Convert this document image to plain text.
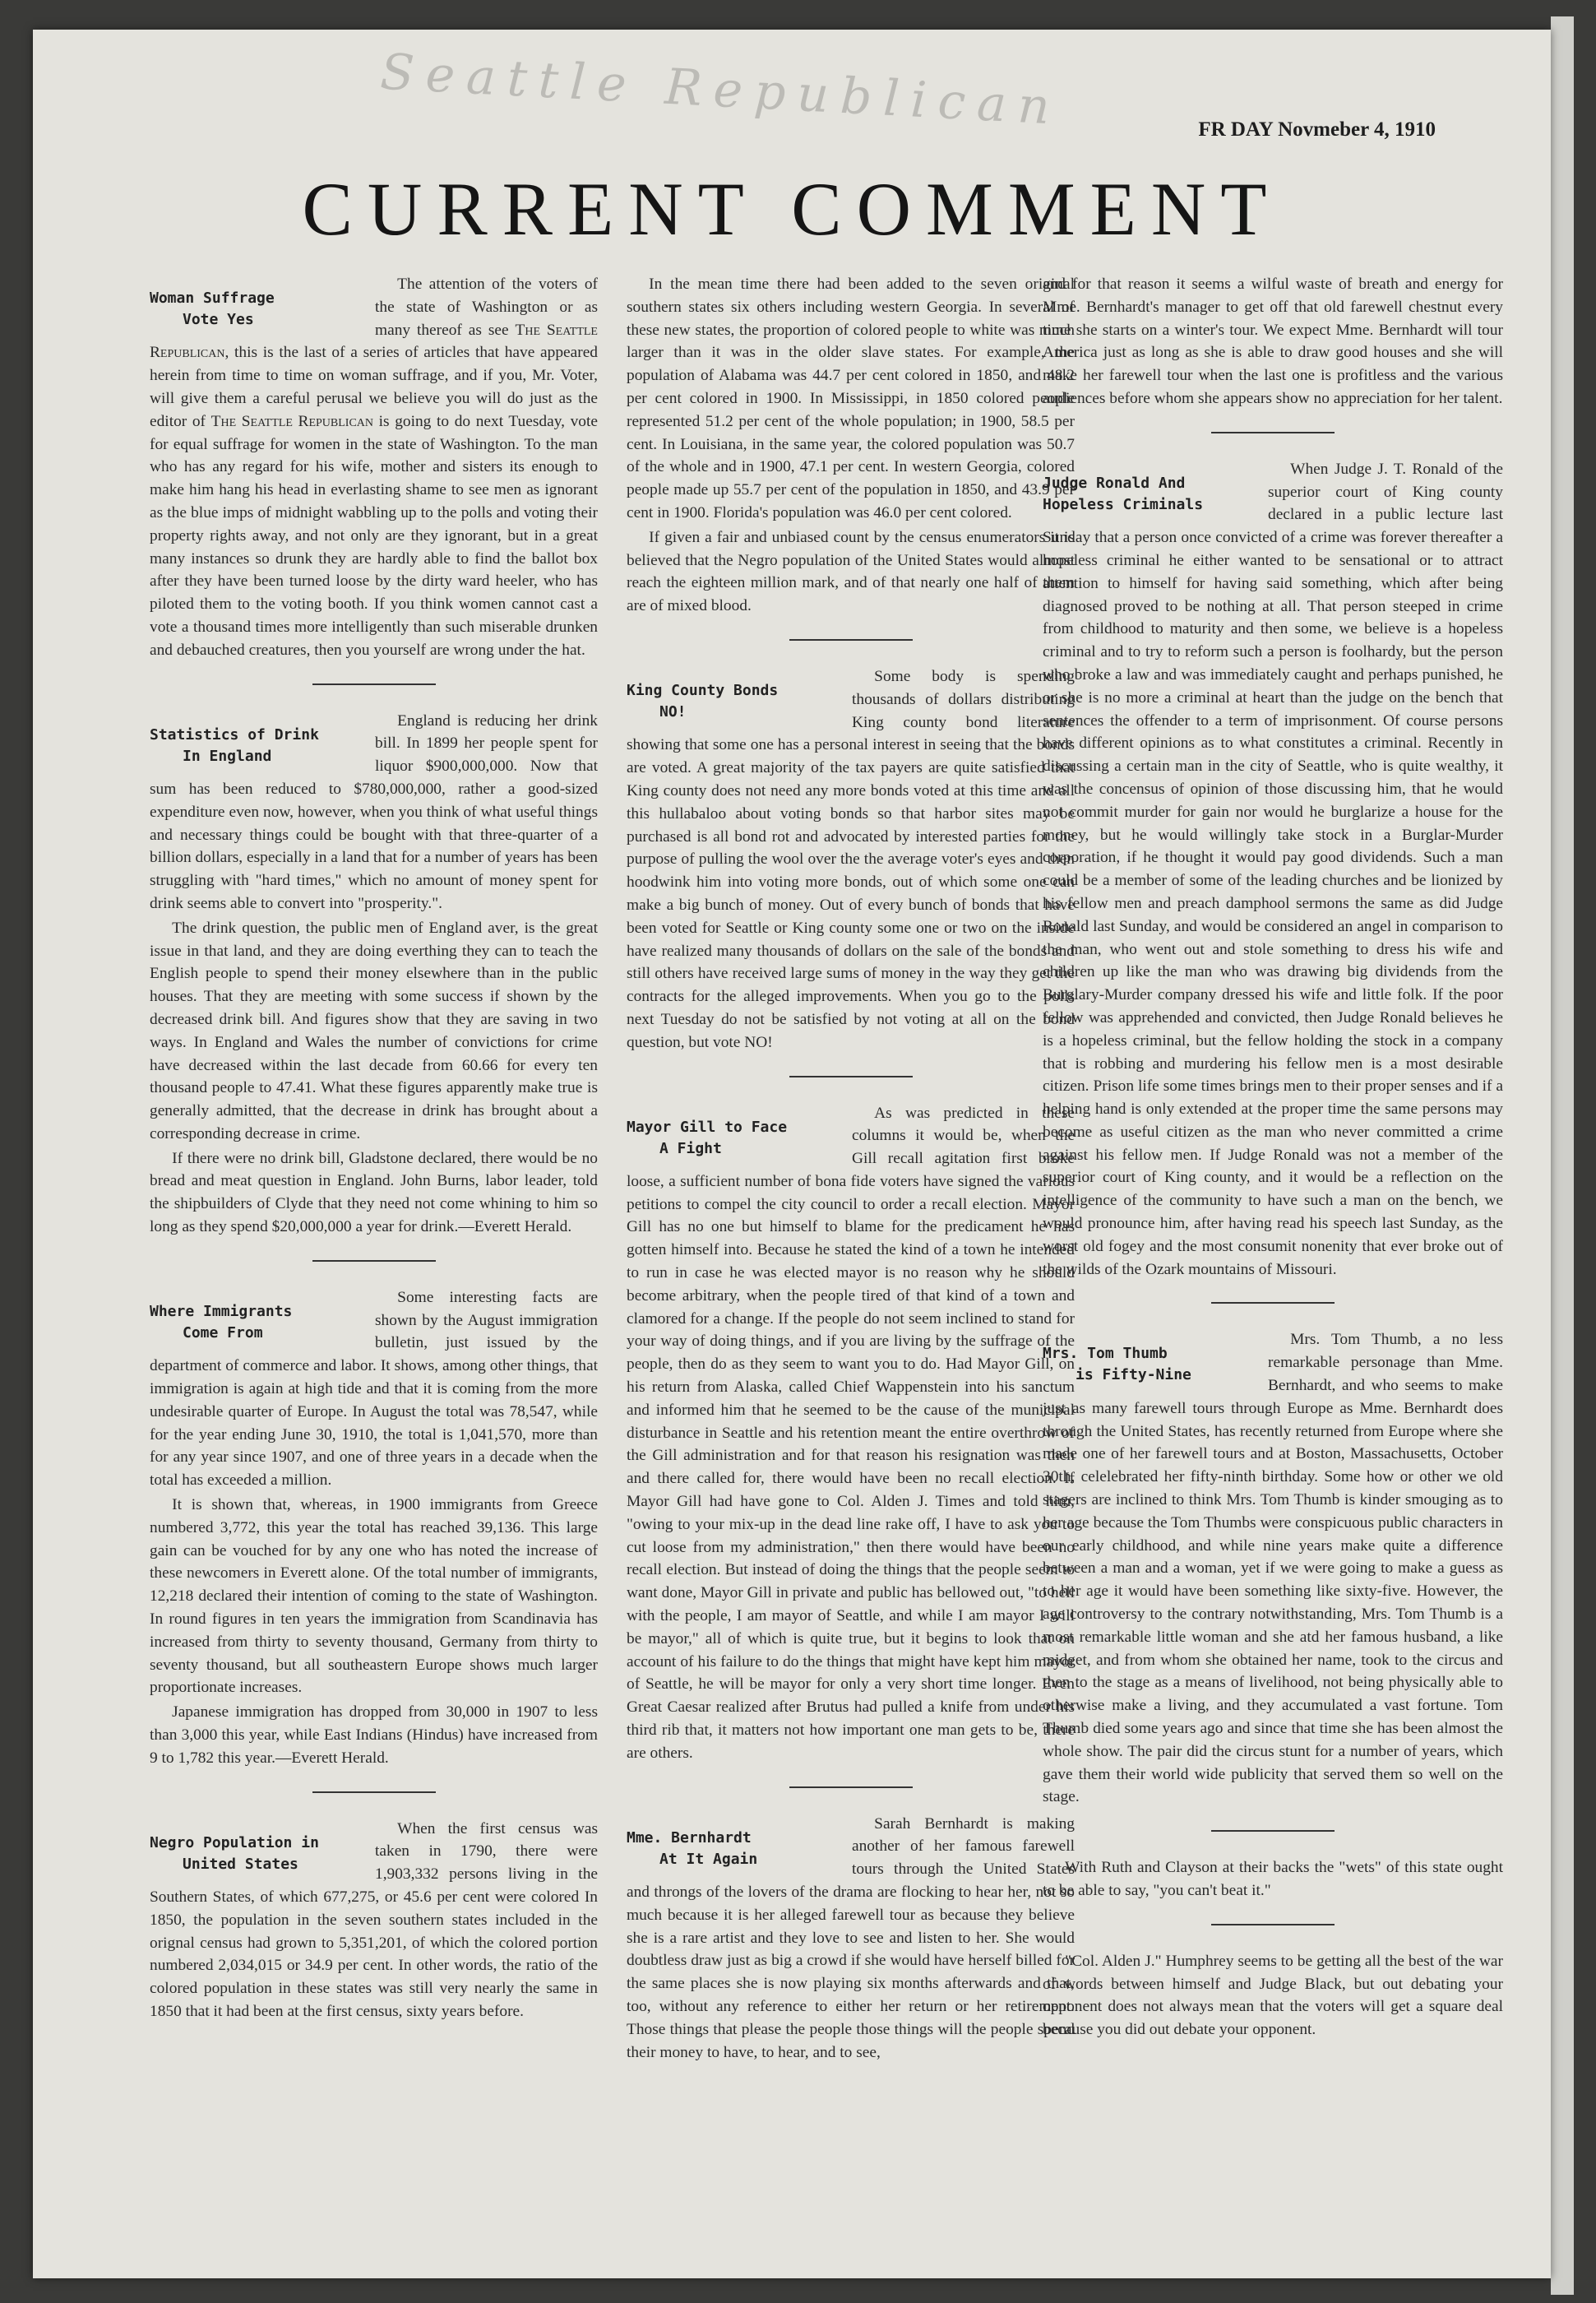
Seattle Republican	FR DAY Novmeber 4, 1910
CURRENT COMMENT

Woman Suffrage
Vote Yes
The attention of the voters of the state of Washington or as many thereof as see The Seattle Republican, this is the last of a series of articles that have appeared herein from time to time on woman suffrage, and if you, Mr. Voter, will give them a careful perusal we believe you will do just as the editor of The Seattle Republican is going to do next Tuesday, vote for equal suffrage for women in the state of Washington. To the man who has any regard for his wife, mother and sisters its enough to make him hang his head in everlasting shame to see men as ignorant as the blue imps of midnight wabbling up to the polls and voting their property rights away, and not only are they ignorant, but in a great many instances so drunk they are hardly able to find the ballot box after they have been turned loose by the dirty ward heeler, who has piloted them to the voting booth. If you think women cannot cast a vote a thousand times more intelligently than such miserable drunken and debauched creatures, then you yourself are wrong under the hat.

Statistics of Drink
In England
England is reducing her drink bill. In 1899 her people spent for liquor $900,000,000. Now that sum has been reduced to $780,000,000, rather a good-sized expenditure even now, however, when you think of what useful things and necessary things could be bought with that three-quarter of a billion dollars, especially in a land that for a number of years has been struggling with "hard times," which no amount of money spent for drink seems able to convert into "prosperity.".

The drink question, the public men of England aver, is the great issue in that land, and they are doing everthing they can to teach the English people to spend their money elsewhere than in the public houses. That they are meeting with some success if shown by the decreased drink bill. And figures show that they are saving in two ways. In England and Wales the number of convictions for crime have decreased within the last decade from 60.66 for every ten thousand people to 47.41. What these figures apparently make true is generally admitted, that the decrease in drink has brought about a corresponding decrease in crime.

If there were no drink bill, Gladstone declared, there would be no bread and meat question in England. John Burns, labor leader, told the shipbuilders of Clyde that they need not come whining to him so long as they spend $20,000,000 a year for drink.—Everett Herald.

Where Immigrants
Come From
Some interesting facts are shown by the August immigration bulletin, just issued by the department of commerce and labor. It shows, among other things, that immigration is again at high tide and that it is coming from the more undesirable quarter of Europe. In August the total was 78,547, while for the year ending June 30, 1910, the total is 1,041,570, more than for any year since 1907, and one of three years in a decade when the total has exceeded a million.

It is shown that, whereas, in 1900 immigrants from Greece numbered 3,772, this year the total has reached 39,136. This large gain can be vouched for by any one who has noted the increase of these newcomers in Everett alone. Of the total number of immigrants, 12,218 declared their intention of coming to the state of Washington. In round figures in ten years the immigration from Scandinavia has increased from thirty to seventy thousand, Germany from thirty to seventy thousand, but all southeastern Europe shows much larger proportionate increases.

Japanese immigration has dropped from 30,000 in 1907 to less than 3,000 this year, while East Indians (Hindus) have increased from 9 to 1,782 this year.—Everett Herald.

Negro Population in
United States
When the first census was taken in 1790, there were 1,903,332 persons living in the Southern States, of which 677,275, or 45.6 per cent were colored In 1850, the population in the seven southern states included in the orignal census had grown to 5,351,201, of which the colored portion numbered 2,034,015 or 34.9 per cent. In other words, the ratio of the colored population in these states was still very nearly the same in 1850 that it had been at the first census, sixty years before.

In the mean time there had been added to the seven original southern states six others including western Georgia. In several of these new states, the proportion of colored people to white was much larger than it was in the older slave states. For example, the population of Alabama was 44.7 per cent colored in 1850, and 48.2 per cent colored in 1900. In Mississippi, in 1850 colored people represented 51.2 per cent of the whole population; in 1900, 58.5 per cent. In Louisiana, in the same year, the colored population was 50.7 of the whole and in 1900, 47.1 per cent. In western Georgia, colored people made up 55.7 per cent of the population in 1850, and 43.9 per cent in 1900. Florida's population was 46.0 per cent colored.

If given a fair and unbiased count by the census enumerators it is believed that the Negro population of the United States would almost reach the eighteen million mark, and of that nearly one half of them are of mixed blood.

King County Bonds
NO!
Some body is spending thousands of dollars distributing King county bond literature showing that some one has a personal interest in seeing that the bonds are voted. A great majority of the tax payers are quite satisfied that King county does not need any more bonds voted at this time and all this hullabaloo about voting bonds so that harbor sites may be purchased is all bond rot and advocated by interested parties for the purpose of pulling the wool over the the average voter's eyes and then hoodwink him into voting more bonds, out of which some one can make a big bunch of money. Out of every bunch of bonds that have been voted for Seattle or King county some one or two on the inside have realized many thousands of dollars on the sale of the bonds and still others have received large sums of money in the way they get the contracts for the alleged improvements. When you go to the polls next Tuesday do not be satisfied by not voting at all on the bond question, but vote NO!

Mayor Gill to Face
A Fight
As was predicted in these columns it would be, when the Gill recall agitation first broke loose, a sufficient number of bona fide voters have signed the various petitions to compel the city council to order a recall election. Mayor Gill has no one but himself to blame for the predicament he has gotten himself into. Because he stated the kind of a town he intended to run in case he was elected mayor is no reason why he should become arbitrary, when the people tired of that kind of a town and clamored for a change. If the people do not seem inclined to stand for your way of doing things, and if you are living by the suffrage of the people, then do as they seem to want you to do. Had Mayor Gill, on his return from Alaska, called Chief Wappenstein into his sanctum and informed him that he seemed to be the cause of the municipal disturbance in Seattle and his retention meant the entire overthrow of the Gill administration and for that reason his resignation was then and there called for, there would have been no recall election. If Mayor Gill had have gone to Col. Alden J. Times and told him, "owing to your mix-up in the dead line rake off, I have to ask you to cut loose from my administration," then there would have been no recall election. But instead of doing the things that the people seem to want done, Mayor Gill in private and public has bellowed out, "to hell with the people, I am mayor of Seattle, and while I am mayor I will be mayor," all of which is quite true, but it begins to look that on account of his failure to do the things that might have kept him mayor of Seattle, he will be mayor for only a very short time longer. Even Great Caesar realized after Brutus had pulled a knife from under his third rib that, it matters not how important one man gets to be, there are others.

Mme. Bernhardt
At It Again
Sarah Bernhardt is making another of her famous farewell tours through the United States and throngs of the lovers of the drama are flocking to hear her, not so much because it is her alleged farewell tour as because they believe she is a rare artist and they love to see and listen to her. She would doubtless draw just as big a crowd if she would have herself billed for the same places she is now playing six months afterwards and that, too, without any reference to either her return or her retirement. Those things that please the people those things will the people spend their money to have, to hear, and to see,

and for that reason it seems a wilful waste of breath and energy for Mme. Bernhardt's manager to get off that old farewell chestnut every time she starts on a winter's tour. We expect Mme. Bernhardt will tour America just as long as she is able to draw good houses and she will make her farewell tour when the last one is profitless and the various audiences before whom she appears show no appreciation for her talent.

Judge Ronald And
Hopeless Criminals
When Judge J. T. Ronald of the superior court of King county declared in a public lecture last Sunday that a person once convicted of a crime was forever thereafter a hopeless criminal he either wanted to be sensational or to attract attention to himself for having said something, which after being diagnosed proved to be nothing at all. That person steeped in crime from childhood to maturity and then some, we believe is a hopeless criminal and to try to reform such a person is foolhardy, but the person who broke a law and was immediately caught and perhaps punished, he or she is no more a criminal at heart than the judge on the bench that sentences the offender to a term of imprisonment. Of course persons have different opinions as to what constitutes a criminal. Recently in discussing a certain man in the city of Seattle, who is quite wealthy, it was the concensus of opinion of those discussing him, that he would not commit murder for gain nor would he burglarize a house for the money, but he would willingly take stock in a Burglar-Murder corporation, if he thought it would pay good dividends. Such a man could be a member of some of the leading churches and be lionized by his fellow men and preach damphool sermons the same as did Judge Ronald last Sunday, and would be considered an angel in comparison to the man, who went out and stole something to dress his wife and children up like the man who was drawing big dividends from the Burglary-Murder company dressed his wife and little folk. If the poor fellow was apprehended and convicted, then Judge Ronald believes he is a hopeless criminal, but the fellow holding the stock in a company that is robbing and murdering his fellow men is a most desirable citizen. Prison life some times brings men to their proper senses and if a helping hand is only extended at the proper time the same persons may become as useful citizen as the man who never committed a crime against his fellow men. If Judge Ronald was not a member of the superior court of King county, and it would be a reflection on the intelligence of the community to have such a man on the bench, we would pronounce him, after having read his speech last Sunday, as the worst old fogey and the most consumit nonenity that ever broke out of the wilds of the Ozark mountains of Missouri.

Mrs. Tom Thumb
is Fifty-Nine
Mrs. Tom Thumb, a no less remarkable personage than Mme. Bernhardt, and who seems to make just as many farewell tours through Europe as Mme. Bernhardt does through the United States, has recently returned from Europe where she made one of her farewell tours and at Boston, Massachusetts, October 30th, celelebrated her fifty-ninth birthday. Some how or other we old stagers are inclined to think Mrs. Tom Thumb is kinder smouging as to her age because the Tom Thumbs were conspicuous public characters in our early childhood, and while nine years make quite a difference between a man and a woman, yet if we were going to make a guess as to her age it would have been something like sixty-five. However, the age controversy to the contrary notwithstanding, Mrs. Tom Thumb is a most remarkable little woman and she atd her famous husband, a like midget, and from whom she obtained her name, took to the circus and then to the stage as a means of livelihood, not being physically able to otherwise make a living, and they accumulated a vast fortune. Tom Thumb died some years ago and since that time she has been almost the whole show. The pair did the circus stunt for a number of years, which gave them their world wide publicity that served them so well on the stage.

With Ruth and Clayson at their backs the "wets" of this state ought to be able to say, "you can't beat it."

"Col. Alden J." Humphrey seems to be getting all the best of the war of words between himself and Judge Black, but out debating your opponent does not always mean that the voters will get a square deal because you did out debate your opponent.
